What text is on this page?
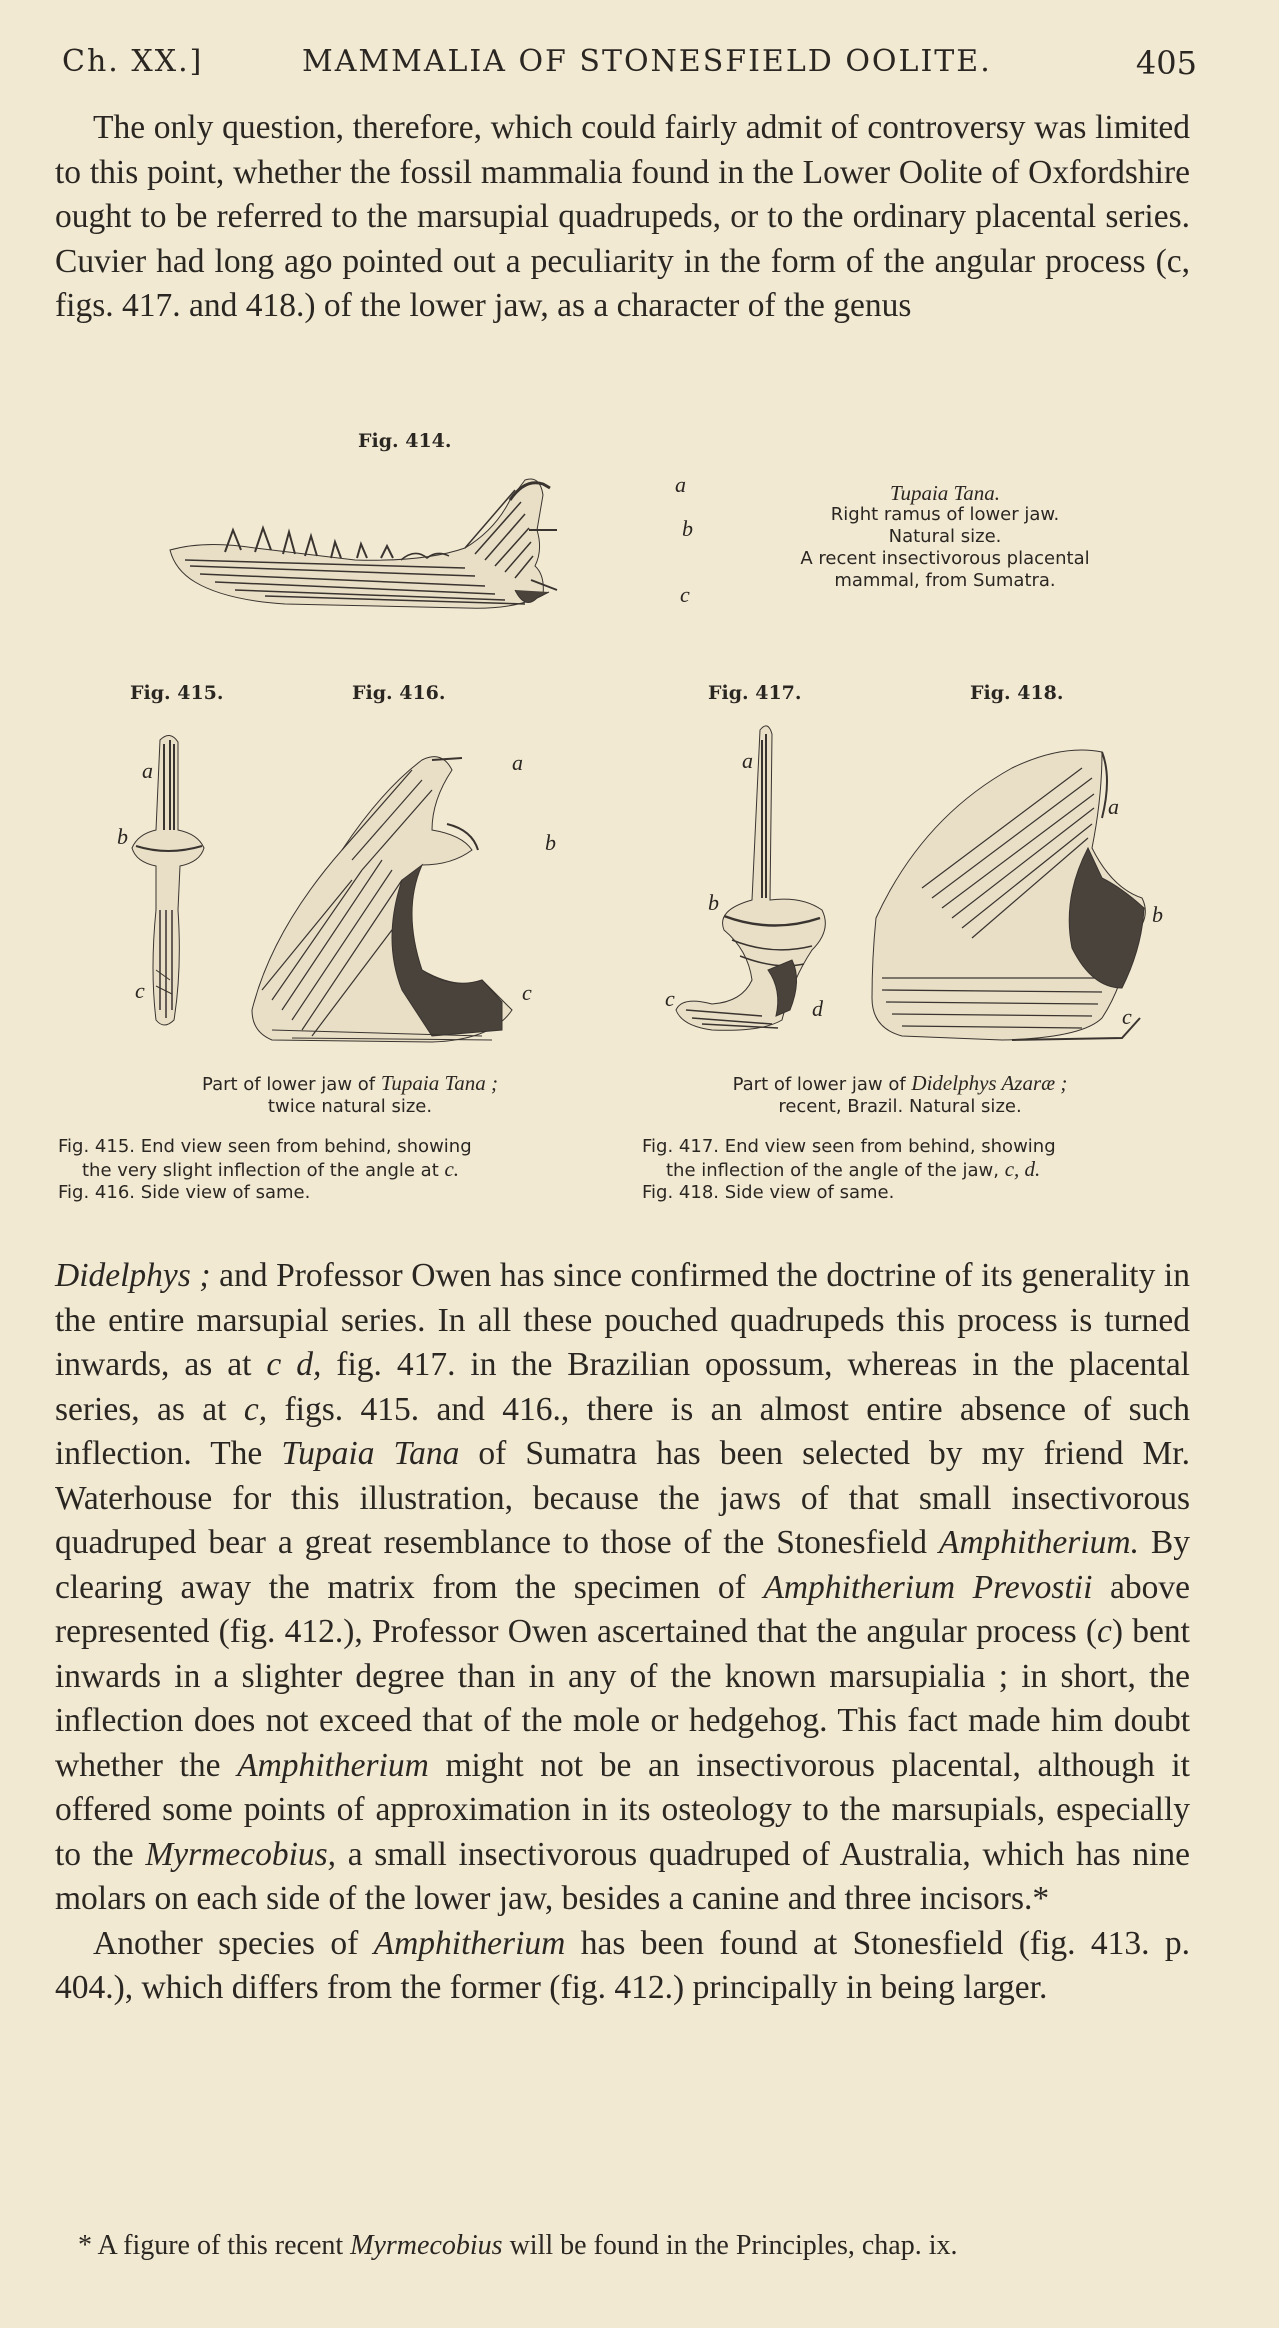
Ch. XX.]	MAMMALIA OF STONESFIELD OOLITE.	405

The only question, therefore, which could fairly admit of controversy was limited to this point, whether the fossil mammalia found in the Lower Oolite of Oxfordshire ought to be referred to the marsupial quadrupeds, or to the ordinary placental series. Cuvier had long ago pointed out a peculiarity in the form of the angular process (c, figs. 417. and 418.) of the lower jaw, as a character of the genus

Fig. 414.
a
b
c
Tupaia Tana.
Right ramus of lower jaw.
Natural size.
A recent insectivorous placental
mammal, from Sumatra.
Fig. 415.	Fig. 416.	Fig. 417.	Fig. 418.
a
b
c
a
b
c
a
b
c	d
a
b
c
Part of lower jaw of Tupaia Tana ;
twice natural size.
Fig. 415. End view seen from behind, showing
the very slight inflection of the angle at c.
Fig. 416. Side view of same.
Part of lower jaw of Didelphys Azaræ ;
recent, Brazil. Natural size.
Fig. 417. End view seen from behind, showing
the inflection of the angle of the jaw, c, d.
Fig. 418. Side view of same.

Didelphys ; and Professor Owen has since confirmed the doctrine of its generality in the entire marsupial series. In all these pouched quadrupeds this process is turned inwards, as at c d, fig. 417. in the Brazilian opossum, whereas in the placental series, as at c, figs. 415. and 416., there is an almost entire absence of such inflection. The Tupaia Tana of Sumatra has been selected by my friend Mr. Waterhouse for this illustration, because the jaws of that small insectivorous quadruped bear a great resemblance to those of the Stonesfield Amphitherium. By clearing away the matrix from the specimen of Amphitherium Prevostii above represented (fig. 412.), Professor Owen ascertained that the angular process (c) bent inwards in a slighter degree than in any of the known marsupialia ; in short, the inflection does not exceed that of the mole or hedgehog. This fact made him doubt whether the Amphitherium might not be an insectivorous placental, although it offered some points of approximation in its osteology to the marsupials, especially to the Myrmecobius, a small insectivorous quadruped of Australia, which has nine molars on each side of the lower jaw, besides a canine and three incisors.*

Another species of Amphitherium has been found at Stonesfield (fig. 413. p. 404.), which differs from the former (fig. 412.) principally in being larger.

* A figure of this recent Myrmecobius will be found in the Principles, chap. ix.
